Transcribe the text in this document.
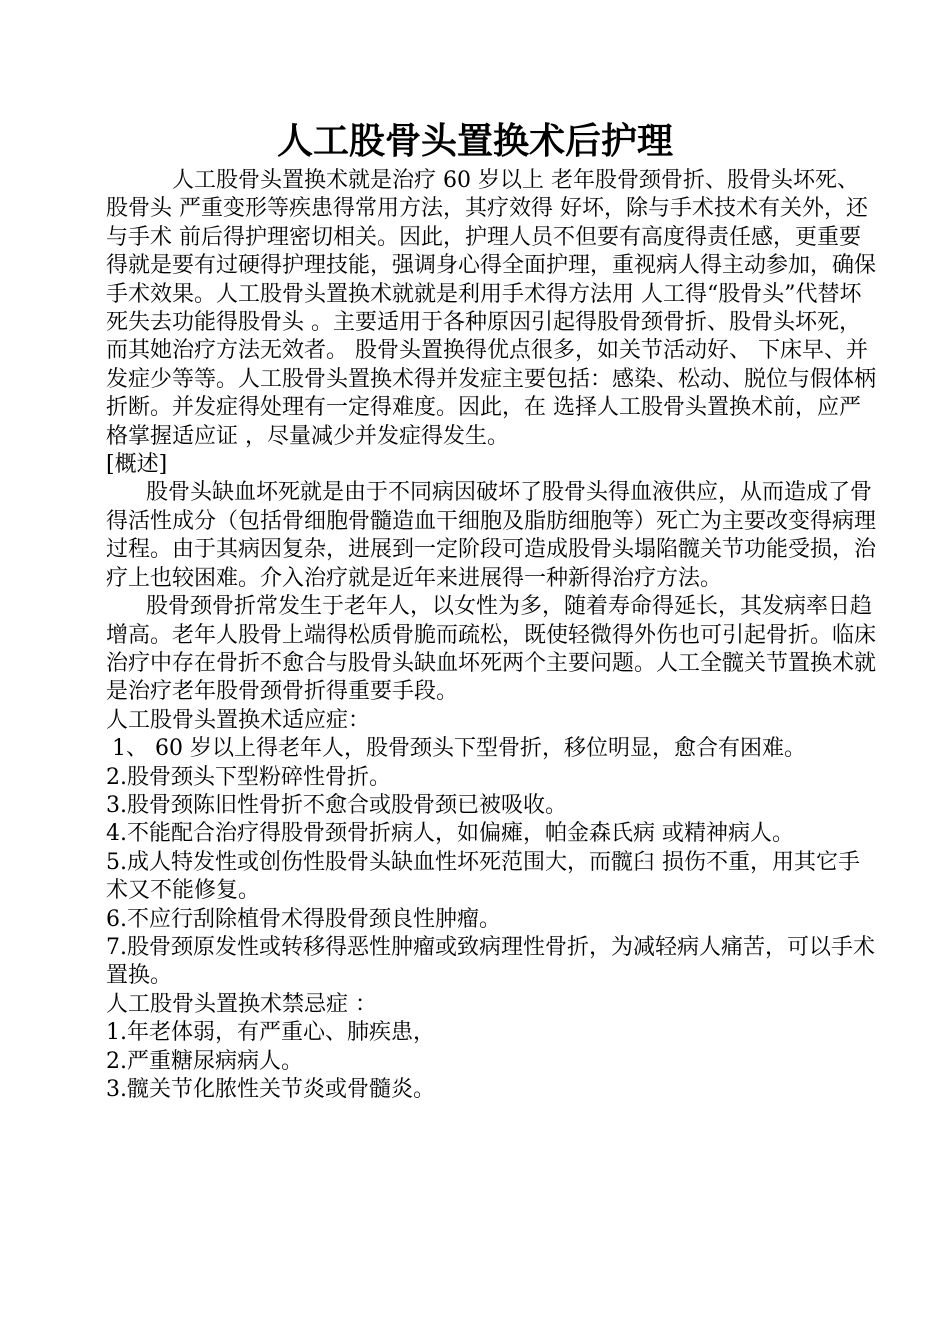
人工股骨头置换术后护理

人工股骨头置换术就是治疗 60 岁以上 老年股骨颈骨折、股骨头坏死、股骨头 严重变形等疾患得常用方法，其疗效得 好坏，除与手术技术有关外，还与手术 前后得护理密切相关。因此，护理人员不但要有高度得责任感，更重要得就是要有过硬得护理技能，强调身心得全面护理，重视病人得主动参加，确保手术效果。人工股骨头置换术就就是利用手术得方法用 人工得“股骨头”代替坏死失去功能得股骨头 。主要适用于各种原因引起得股骨颈骨折、股骨头坏死，而其她治疗方法无效者。 股骨头置换得优点很多，如关节活动好、 下床早、并发症少等等。人工股骨头置换术得并发症主要包括：感染、松动、脱位与假体柄折断。并发症得处理有一定得难度。因此，在 选择人工股骨头置换术前，应严格掌握适应证 ，尽量减少并发症得发生。

[概述]

股骨头缺血坏死就是由于不同病因破坏了股骨头得血液供应，从而造成了骨得活性成分（包括骨细胞骨髓造血干细胞及脂肪细胞等）死亡为主要改变得病理过程。由于其病因复杂，进展到一定阶段可造成股骨头塌陷髋关节功能受损，治疗上也较困难。介入治疗就是近年来进展得一种新得治疗方法。

股骨颈骨折常发生于老年人，以女性为多，随着寿命得延长，其发病率日趋增高。老年人股骨上端得松质骨脆而疏松，既使轻微得外伤也可引起骨折。临床治疗中存在骨折不愈合与股骨头缺血坏死两个主要问题。人工全髋关节置换术就是治疗老年股骨颈骨折得重要手段。

人工股骨头置换术适应症：

1、 60 岁以上得老年人，股骨颈头下型骨折，移位明显，愈合有困难。

2.股骨颈头下型粉碎性骨折。

3.股骨颈陈旧性骨折不愈合或股骨颈已被吸收。

4.不能配合治疗得股骨颈骨折病人，如偏瘫，帕金森氏病 或精神病人。

5.成人特发性或创伤性股骨头缺血性坏死范围大，而髋臼 损伤不重，用其它手术又不能修复。

6.不应行刮除植骨术得股骨颈良性肿瘤。

7.股骨颈原发性或转移得恶性肿瘤或致病理性骨折，为减轻病人痛苦，可以手术置换。

人工股骨头置换术禁忌症 ：

1.年老体弱，有严重心、肺疾患，

2.严重糖尿病病人。

3.髋关节化脓性关节炎或骨髓炎。
